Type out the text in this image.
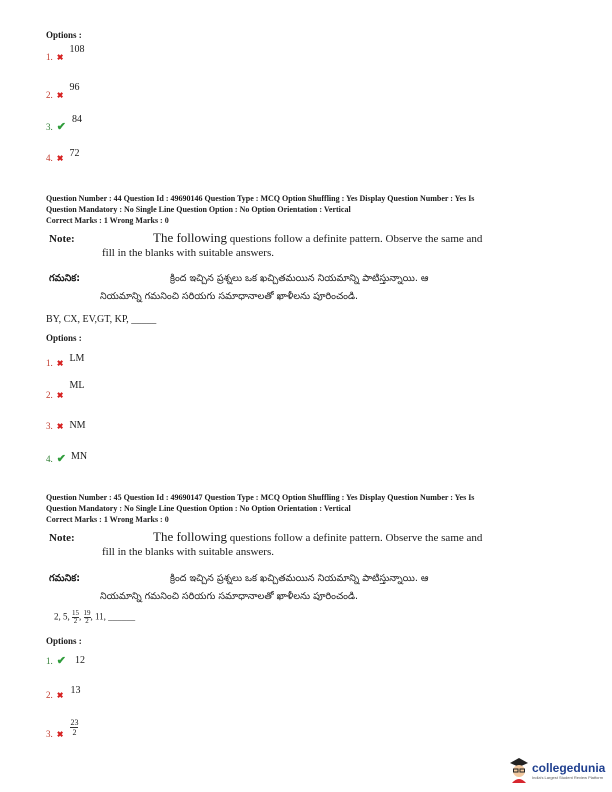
Options :
1. ✖ $^{108}$
2. ✖ $^{96}$
3. ✔ $^{84}$
4. ✖ $^{72}$
Question Number : 44 Question Id : 49690146 Question Type : MCQ Option Shuffling : Yes Display Question Number : Yes Is
Question Mandatory : No Single Line Question Option : No Option Orientation : Vertical
Correct Marks : 1 Wrong Marks : 0
Note:	The following questions follow a definite pattern. Observe the same and
fill in the blanks with suitable answers.
గమనిక:	క్రింద ఇచ్చిన ప్రశ్నలు ఒక ఖచ్చితమయిన నియమాన్ని పాటిస్తున్నాయి. ఆ
నియమాన్ని గమనించి సరియగు సమాధానాలతో ఖాళీలను పూరించండి.
BY, CX, EV,GT, KP, _____
Options :
1. ✖ $^{LM}$
2. ✖ $^{ML}$
3. ✖ NM
4. ✔ MN
Question Number : 45 Question Id : 49690147 Question Type : MCQ Option Shuffling : Yes Display Question Number : Yes Is
Question Mandatory : No Single Line Question Option : No Option Orientation : Vertical
Correct Marks : 1 Wrong Marks : 0
Note:	The following questions follow a definite pattern. Observe the same and
fill in the blanks with suitable answers.
గమనిక:	క్రింద ఇచ్చిన ప్రశ్నలు ఒక ఖచ్చితమయిన నియమాన్ని పాటిస్తున్నాయి. ఆ
నియమాన్ని గమనించి సరియగు సమాధానాలతో ఖాళీలను పూరించండి.
2, 5, $\frac{15}{2}$ , $\frac{19}{2}$ , 11, ______
Options :
1. ✔ 12
2. ✖ $^{13}$
3. ✖ $\frac{23}{2}$
collegedunia
India's Largest Student Review Platform
